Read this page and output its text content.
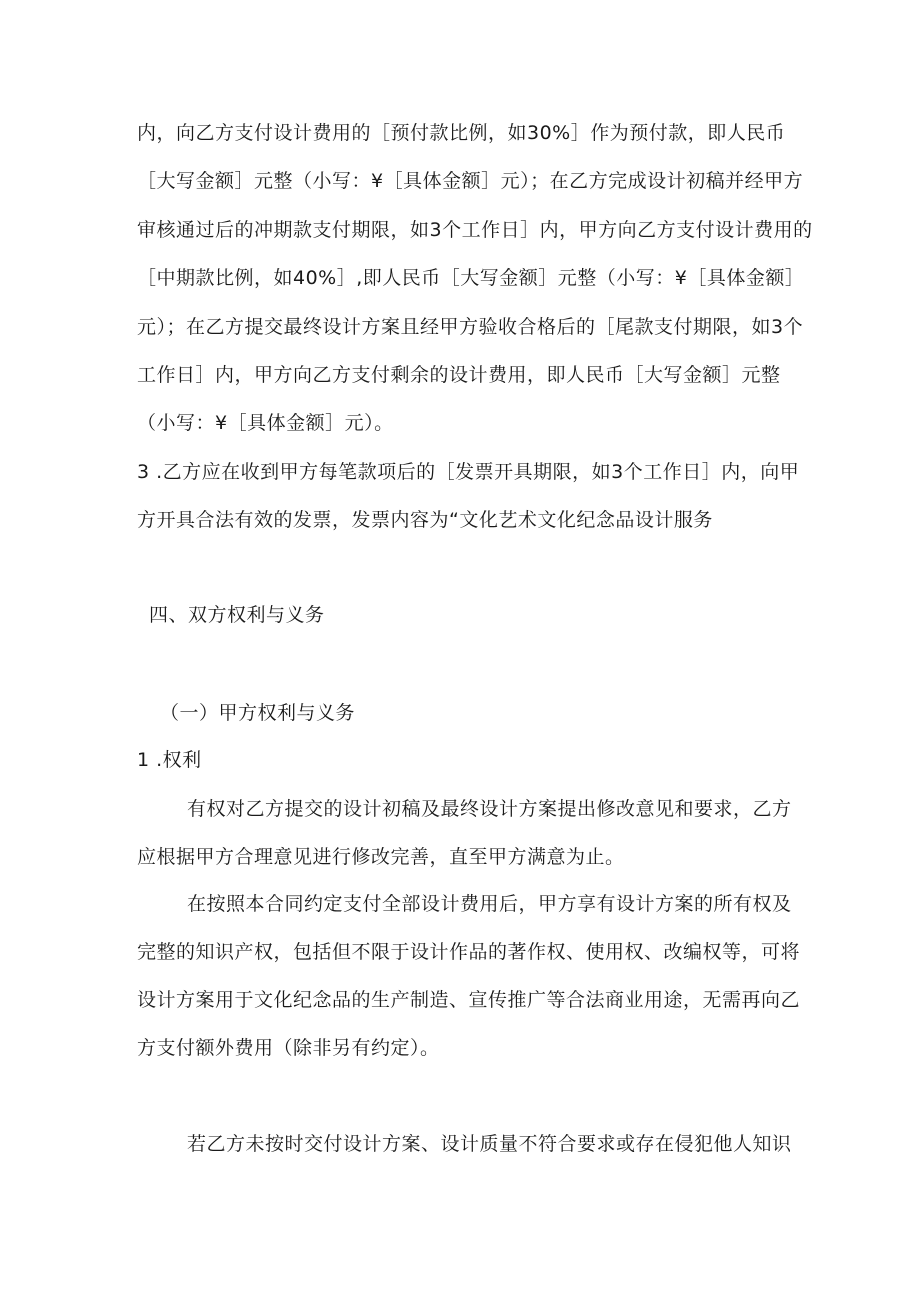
内，向乙方支付设计费用的［预付款比例，如30%］作为预付款，即人民币
［大写金额］元整（小写：¥［具体金额］元）；在乙方完成设计初稿并经甲方
审核通过后的冲期款支付期限，如3个工作日］内，甲方向乙方支付设计费用的
［中期款比例，如40%］,即人民币［大写金额］元整（小写：¥［具体金额］
元）；在乙方提交最终设计方案且经甲方验收合格后的［尾款支付期限，如3个
工作日］内，甲方向乙方支付剩余的设计费用，即人民币［大写金额］元整
（小写：¥［具体金额］元）。
3 .乙方应在收到甲方每笔款项后的［发票开具期限，如3个工作日］内，向甲
方开具合法有效的发票，发票内容为“文化艺术文化纪念品设计服务
四、双方权利与义务
（一）甲方权利与义务
1 .权利
有权对乙方提交的设计初稿及最终设计方案提出修改意见和要求，乙方
应根据甲方合理意见进行修改完善，直至甲方满意为止。
在按照本合同约定支付全部设计费用后，甲方享有设计方案的所有权及
完整的知识产权，包括但不限于设计作品的著作权、使用权、改编权等，可将
设计方案用于文化纪念品的生产制造、宣传推广等合法商业用途，无需再向乙
方支付额外费用（除非另有约定）。
若乙方未按时交付设计方案、设计质量不符合要求或存在侵犯他人知识
